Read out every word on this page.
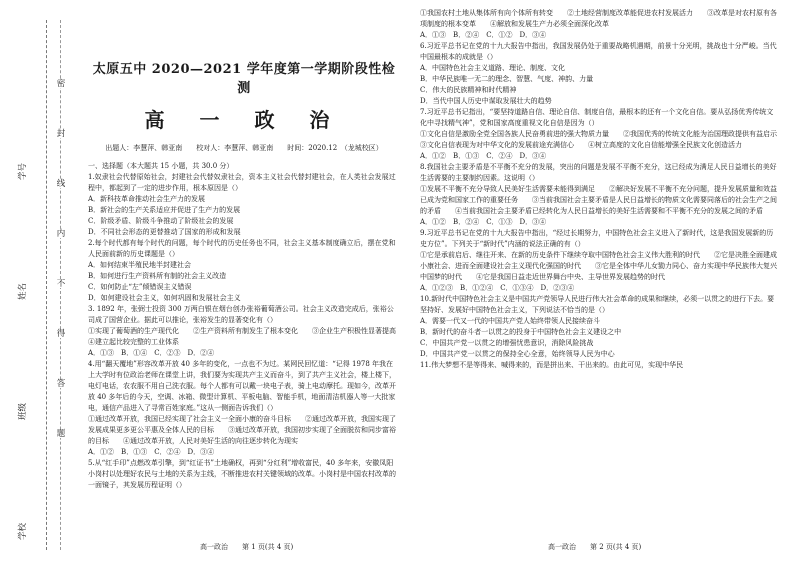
学校
班级
姓名
学号
密
封
线
内
不
得
答
题
太原五中 2020—2021 学年度第一学期阶段性检测
高 一 政 治
出题人：李慧萍、韩亚南　　校对人：李慧萍、韩亚南　　时间：2020.12　（龙城校区）

一、选择题（本大题共 15 小题，共 30.0 分）

1.奴隶社会代替原始社会，封建社会代替奴隶社会，资本主义社会代替封建社会，在人类社会发展过程中，都起到了一定的进步作用，根本原因是（）

A．新科技革命推动社会生产力的发展

B．新社会的生产关系适应并促进了生产力的发展

C．阶级矛盾、阶级斗争推动了阶级社会的发展

D．不同社会形态的更替推动了国家的形成和发展

2.每个时代都有每个时代的问题，每个时代的历史任务也不同，社会主义基本制度确立后，摆在党和人民面前新的历史课题是（）

A．如何结束半殖民地半封建社会

B．如何进行生产资料所有制的社会主义改造

C．如何防止“左”倾错误主义错误

D．如何建设社会主义，如何巩固和发展社会主义

3. 1892 年，张弼士投资 300 万两白银在烟台创办张裕葡萄酒公司。社会主义改造完成后，张裕公司成了国营企业。据此可以推论，张裕发生的显著变化有（）

①实现了葡萄酒的生产现代化　　②生产资料所有制发生了根本变化　　③企业生产积极性显著提高　　④建立起比较完整的工业体系

A．①③　B．①④　C．②③　D．②④

4.用“翻天覆地”形容改革开放 40 多年的变化，一点也不为过。某网民回忆道：“记得 1978 年我在上大学时有位政治老师在课堂上讲，我们要为实现共产主义而奋斗，到了共产主义社会，楼上楼下，电灯电话，农农服不用自己洗衣服。每个人都有可以戴一块电子表，骑上电动摩托。现如今，改革开放 40 多年后的今天，空调、冰箱、微型计算机、平板电脑、智能手机，地面清洁机器人等一大批家电，通信产品进入了寻常百姓家庭。”这从一侧面告诉我们（）

①通过改革开放，我国已经实现了社会主义一全面小康的奋斗目标　　②通过改革开放，我国实现了发展成果更多更公平惠及全体人民的目标　　③通过改革开放，我国初步实现了全面脱贫和同步富裕的目标　　④通过改革开放，人民对美好生活的向往逐步转化为现实

A．①②　B．①③　C．②④　D．③④

5.从“红手印”点燃改革引擎，到“红证书”土地确权，再到“分红利”增收富民，40 多年来，安徽凤阳小岗村以处理好农民与土地的关系为主线，不断推进农村关键领域的改革。小岗村是中国农村改革的一面镜子，其发展历程证明（）

①我国农村土地从集体所有向个体所有转变　　②土地经营制度改革能促进农村发展活力　　③改革是对农村原有各项制度的根本变革　　④解放和发展生产力必须全面深化改革

A．①③　B．②④　C．①②　D．③④

6.习近平总书记在党的十九大报告中指出，我国发展仍处于重要战略机遇期，前景十分光明，挑战也十分严峻。当代中国最根本的成就是（）

A．中国特色社会主义道路、理论、制度、文化

B．中华民族唯一无二的理念、智慧、气度、神韵、力量

C．伟大的民族精神和时代精神

D．当代中国人历史中谋取发展壮大的趋势

7.习近平总书记指出，“要坚持道路自信、理论自信、制度自信，最根本的还有一个文化自信。要从弘扬优秀传统文化中寻找精气神”，党和国家高度重视文化自信是因为（）

①文化自信是激励全党全国各族人民奋勇前进的强大物质力量　　②我国优秀的传统文化能为治国理政提供有益启示　　③文化自信表现为对中华文化的发展前途充满信心　　④树立高度的文化自信能增强全民族文化创造活力

A．①②　B．①③　C．②④　D．③④

8.我国社会主要矛盾是不平衡不充分的发展，突出的问题是发展不平衡不充分，这已经成为满足人民日益增长的美好生活需要的主要制约因素。这说明（）

①发展不平衡不充分导致人民美好生活需要未能得到满足　　②解决好发展不平衡不充分问题，提升发展质量和效益已成为党和国家工作的重要任务　　③当前我国社会主要矛盾是人民日益增长的物质文化需要同落后的社会生产之间的矛盾　　④当前我国社会主要矛盾已经转化为人民日益增长的美好生活需要和不平衡不充分的发展之间的矛盾

A．①②　B．②④　C．①③　D．③④

9.习近平总书记在党的十九大报告中指出，“经过长期努力，中国特色社会主义进入了新时代，这是我国发展新的历史方位”。下列关于“新时代”内涵的说法正确的有（）

①它是承前启后、继往开来、在新的历史条件下继续夺取中国特色社会主义伟大胜利的时代　　②它是决胜全面建成小康社会、进而全面建设社会主义现代化强国的时代　　③它是全体中华儿女勠力同心、奋力实现中华民族伟大复兴中国梦的时代　　④它是我国日益走近世界舞台中央、主导世界发展趋势的时代

A．①②③　B．①②④　C．①③④　D．②③④

10.新时代中国特色社会主义是中国共产党领导人民进行伟大社会革命的成果和继续，必须一以贯之的进行下去。要坚持好、发展好中国特色社会主义，下列说法不恰当的是（）

A．需要一代又一代的中国共产党人始终带领人民接续奋斗

B．新时代的奋斗者一以贯之的投身于中国特色社会主义建设之中

C．中国共产党一以贯之的增强忧患意识，消除风险挑战

D．中国共产党一以贯之的保持全心全意，始终领导人民为中心

11.伟大梦想不是等得来、喊得来的，而是拼出来、干出来的。由此可见，实现中华民

高一政治　　第 1 页(共 4 页)	高一政治　　第 2 页(共 4 页)
